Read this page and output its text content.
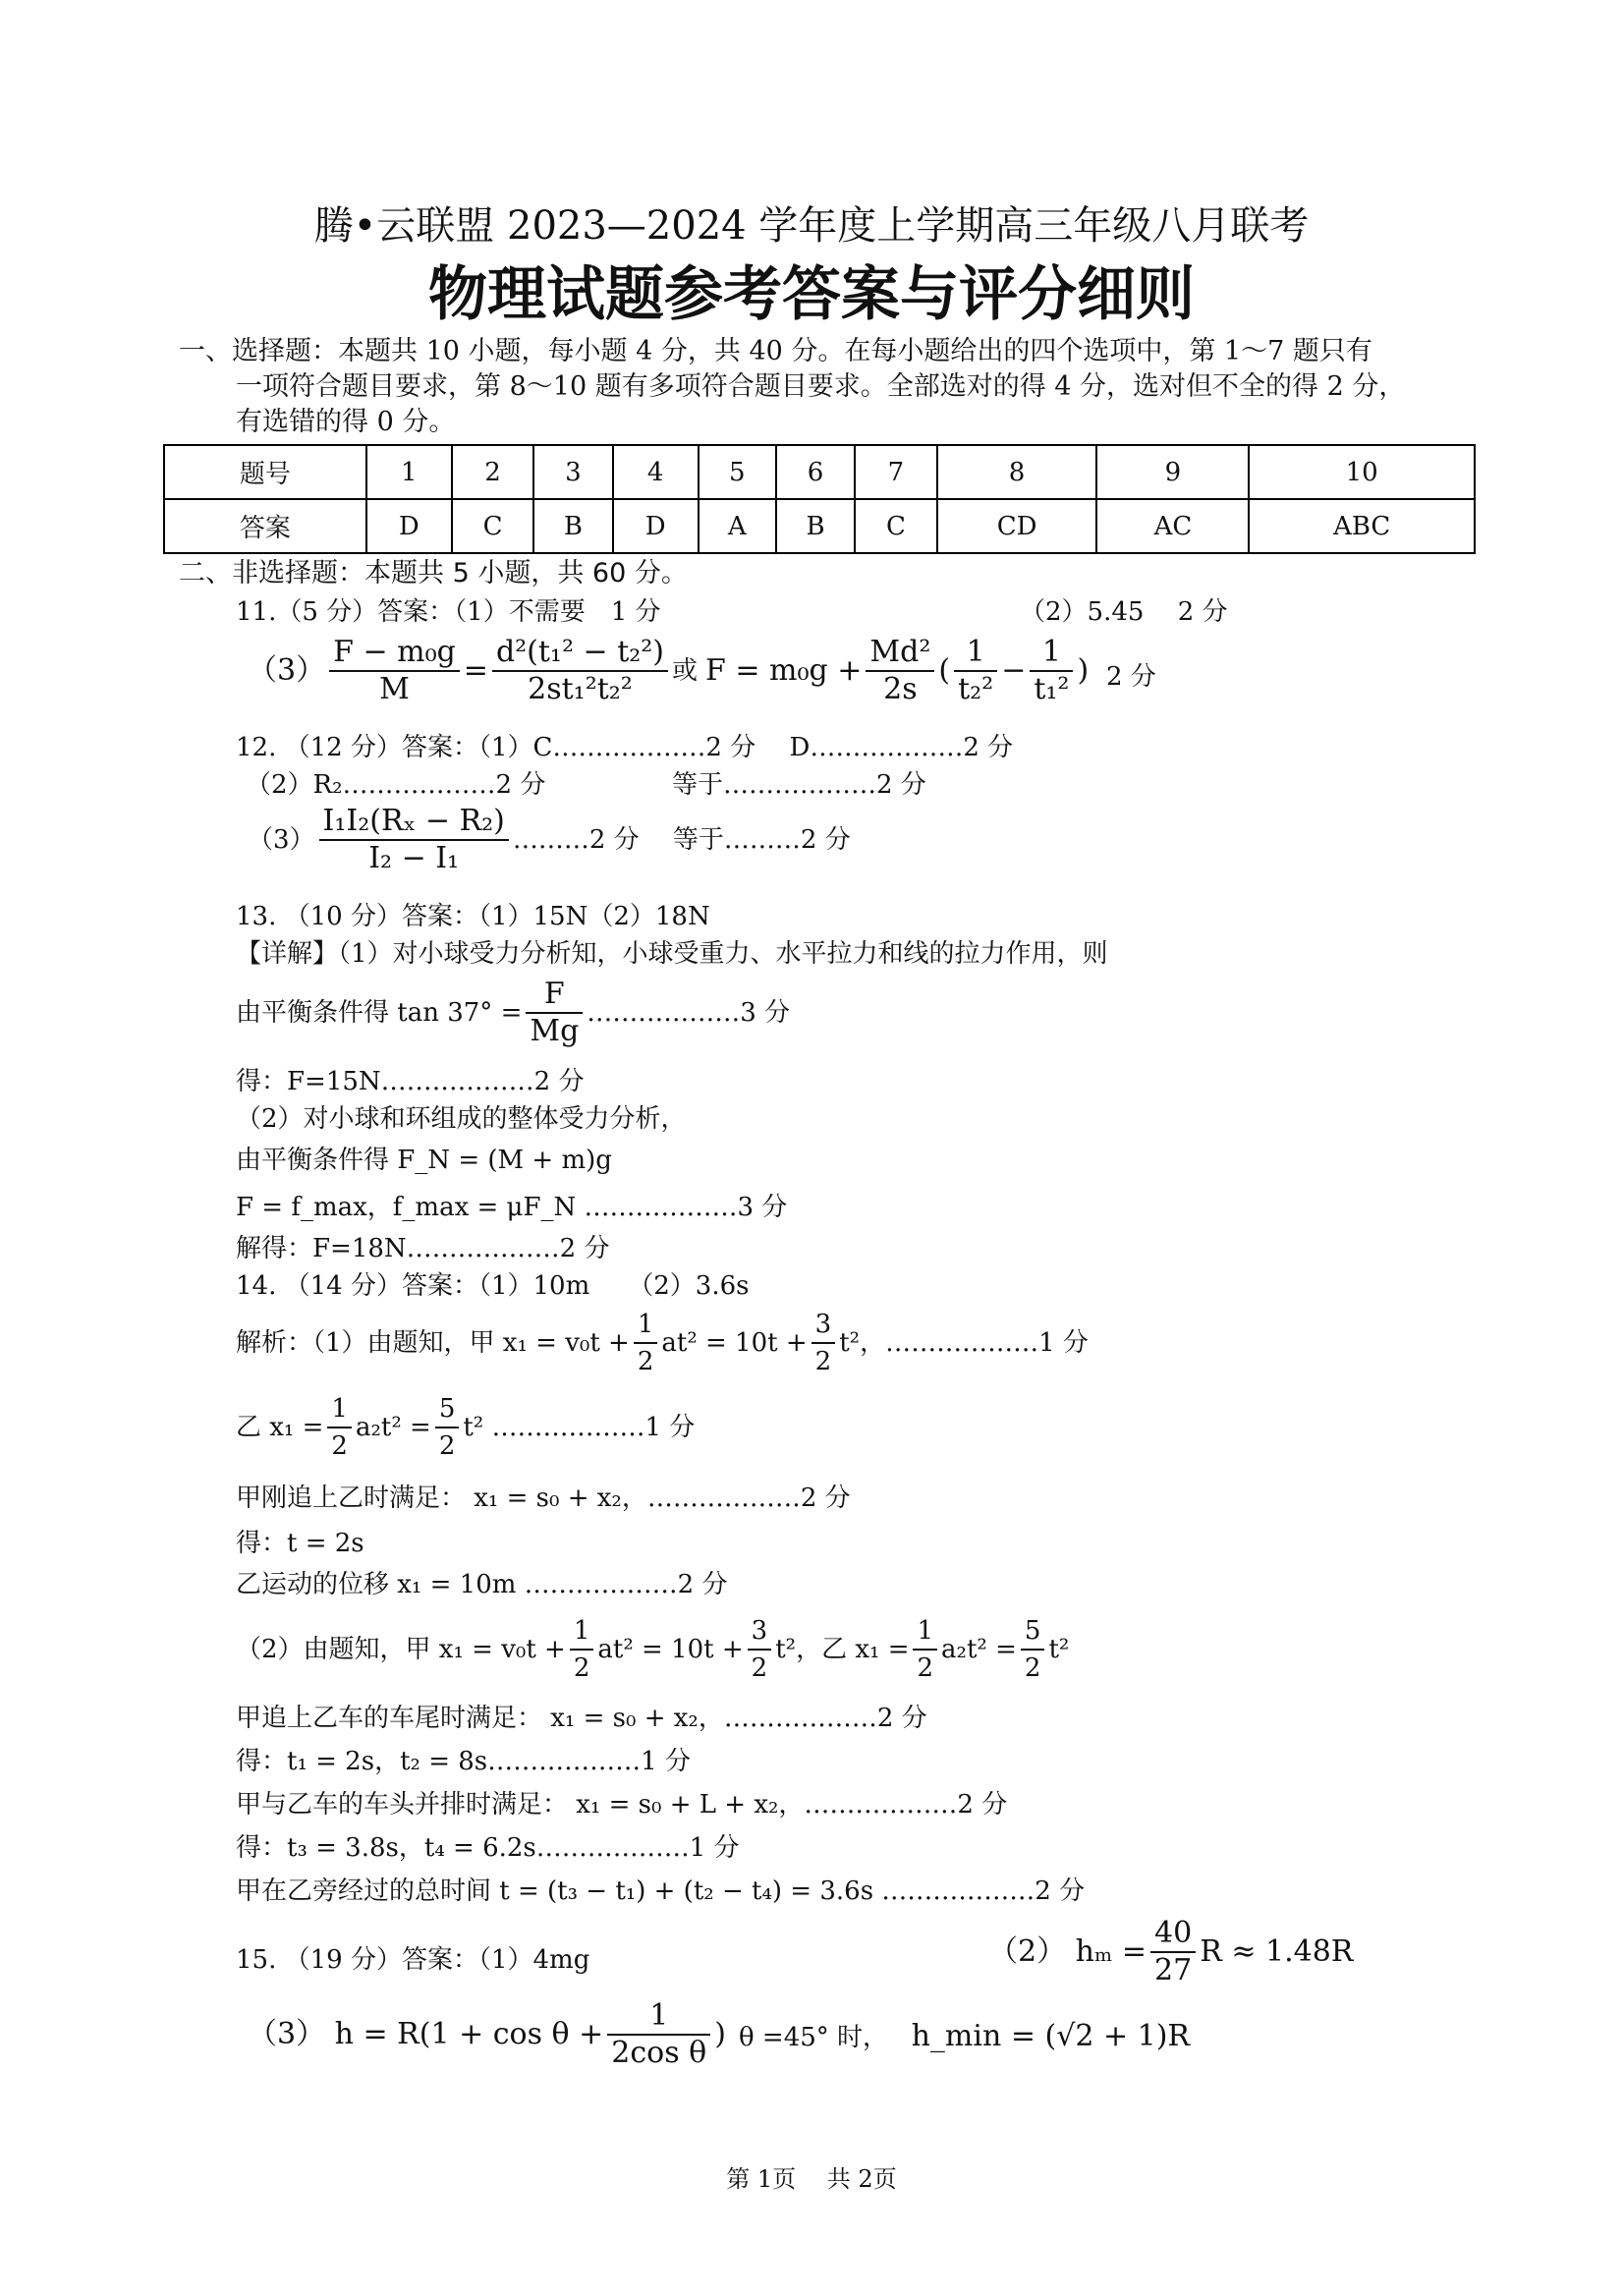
腾•云联盟 2023—2024 学年度上学期高三年级八月联考
物理试题参考答案与评分细则
一、选择题：本题共 10 小题，每小题 4 分，共 40 分。在每小题给出的四个选项中，第 1～7 题只有
一项符合题目要求，第 8～10 题有多项符合题目要求。全部选对的得 4 分，选对但不全的得 2 分，
有选错的得 0 分。
题号	1	2	3	4	5	6	7	8	9	10
答案	D	C	B	D	A	B	C	CD	AC	ABC
二、非选择题：本题共 5 小题，共 60 分。
11.（5 分）答案：（1）不需要　1 分	（2）5.45　 2 分
$(3) \frac{\text{F − m₀g}}{M} = \frac{\text{d²(t₁² − t₂²)}}{\text{2st₁²t₂²}}$ 或 $F = m_0g + \frac{\text{Md²}}{2s}$ ( $\frac{1}{\text{t₂²}} - \frac{1}{\text{t₁²}}$ ) 2 分
12. （12 分）答案：（1）C………………2 分　 D………………2 分
（2）R₂………………2 分	等于………………2 分
$(3) \frac{\text{I₁I₂(Rₓ − R₂)}}{\text{I₂ − I₁}}$ ………2 分　 等于………2 分
13. （10 分）答案：（1）15N（2）18N
【详解】（1）对小球受力分析知，小球受重力、水平拉力和线的拉力作用，则
由平衡条件得 $\tan 37^\circ = \frac{F}{Mg}$ ………………3 分
得：F=15N………………2 分
（2）对小球和环组成的整体受力分析，
由平衡条件得 F_N = (M + m)g
F = f_max，f_max = μF_N ………………3 分
解得：F=18N………………2 分
14. （14 分）答案：（1）10m　　（2）3.6s
解析：（1）由题知，甲 $x_1 = v_0t + \frac{1}{2} at^2 = 10t + \frac{3}{2} t^2$，………………1 分
乙 $x_1 = \frac{1}{2} a_2t^2 = \frac{5}{2} t^2$ ………………1 分
甲刚追上乙时满足： x₁ = s₀ + x₂，………………2 分
得：t = 2s
乙运动的位移 x₁ = 10m ………………2 分
（2）由题知，甲 $x_1 = v_0t + \frac{1}{2} at^2 = 10t + \frac{3}{2} t^2$，乙 $x_1 = \frac{1}{2} a_2t^2 = \frac{5}{2} t^2$
甲追上乙车的车尾时满足： x₁ = s₀ + x₂，………………2 分
得：t₁ = 2s，t₂ = 8s………………1 分
甲与乙车的车头并排时满足： x₁ = s₀ + L + x₂，………………2 分
得：t₃ = 3.8s，t₄ = 6.2s………………1 分
甲在乙旁经过的总时间 t = (t₃ − t₁) + (t₂ − t₄) = 3.6s ………………2 分
15. （19 分）答案：（1）4mg	（2） $h_m = \frac{40}{27}$ R ≈ 1.48R
（3） $h = R(1 + \cos \theta + \frac{1}{\text{2cos θ}}$ ) θ =45° 时， h_min = (√2 + 1)R
第 1页　 共 2页
